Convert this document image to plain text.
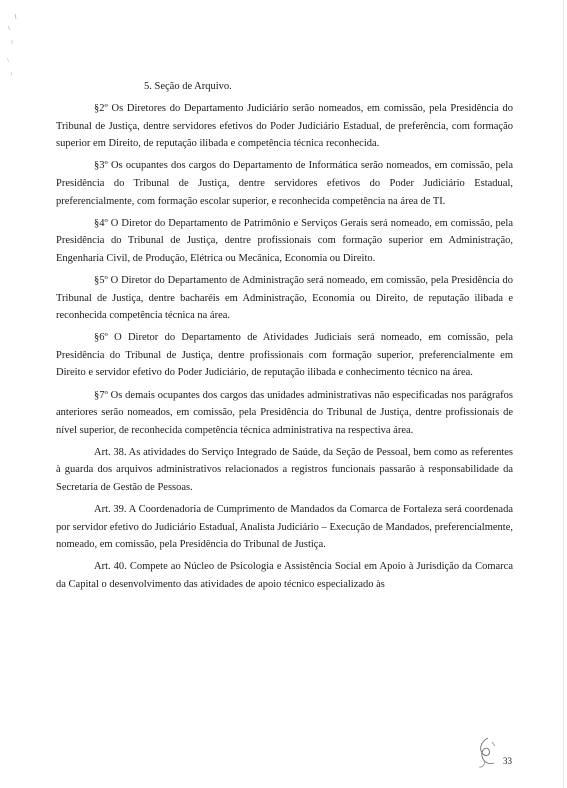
5. Seção de Arquivo.

§2º Os Diretores do Departamento Judiciário serão nomeados, em comissão, pela Presidência do Tribunal de Justiça, dentre servidores efetivos do Poder Judiciário Estadual, de preferência, com formação superior em Direito, de reputação ilibada e competência técnica reconhecida.

§3º Os ocupantes dos cargos do Departamento de Informática serão nomeados, em comissão, pela Presidência do Tribunal de Justiça, dentre servidores efetivos do Poder Judiciário Estadual, preferencialmente, com formação escolar superior, e reconhecida competência na área de TI.

§4º O Diretor do Departamento de Patrimônio e Serviços Gerais será nomeado, em comissão, pela Presidência do Tribunal de Justiça, dentre profissionais com formação superior em Administração, Engenharia Civil, de Produção, Elétrica ou Mecânica, Economia ou Direito.

§5º O Diretor do Departamento de Administração será nomeado, em comissão, pela Presidência do Tribunal de Justiça, dentre bacharéis em Administração, Economia ou Direito, de reputação ilibada e reconhecida competência técnica na área.

§6º O Diretor do Departamento de Atividades Judiciais será nomeado, em comissão, pela Presidência do Tribunal de Justiça, dentre profissionais com formação superior, preferencialmente em Direito e servidor efetivo do Poder Judiciário, de reputação ilibada e conhecimento técnico na área.

§7º Os demais ocupantes dos cargos das unidades administrativas não especificadas nos parágrafos anteriores serão nomeados, em comissão, pela Presidência do Tribunal de Justiça, dentre profissionais de nível superior, de reconhecida competência técnica administrativa na respectiva área.

Art. 38. As atividades do Serviço Integrado de Saúde, da Seção de Pessoal, bem como as referentes à guarda dos arquivos administrativos relacionados a registros funcionais passarão à responsabilidade da Secretaria de Gestão de Pessoas.

Art. 39. A Coordenadoria de Cumprimento de Mandados da Comarca de Fortaleza será coordenada por servidor efetivo do Judiciário Estadual, Analista Judiciário – Execução de Mandados, preferencialmente, nomeado, em comissão, pela Presidência do Tribunal de Justiça.

Art. 40. Compete ao Núcleo de Psicologia e Assistência Social em Apoio à Jurisdição da Comarca da Capital o desenvolvimento das atividades de apoio técnico especializado às

33
